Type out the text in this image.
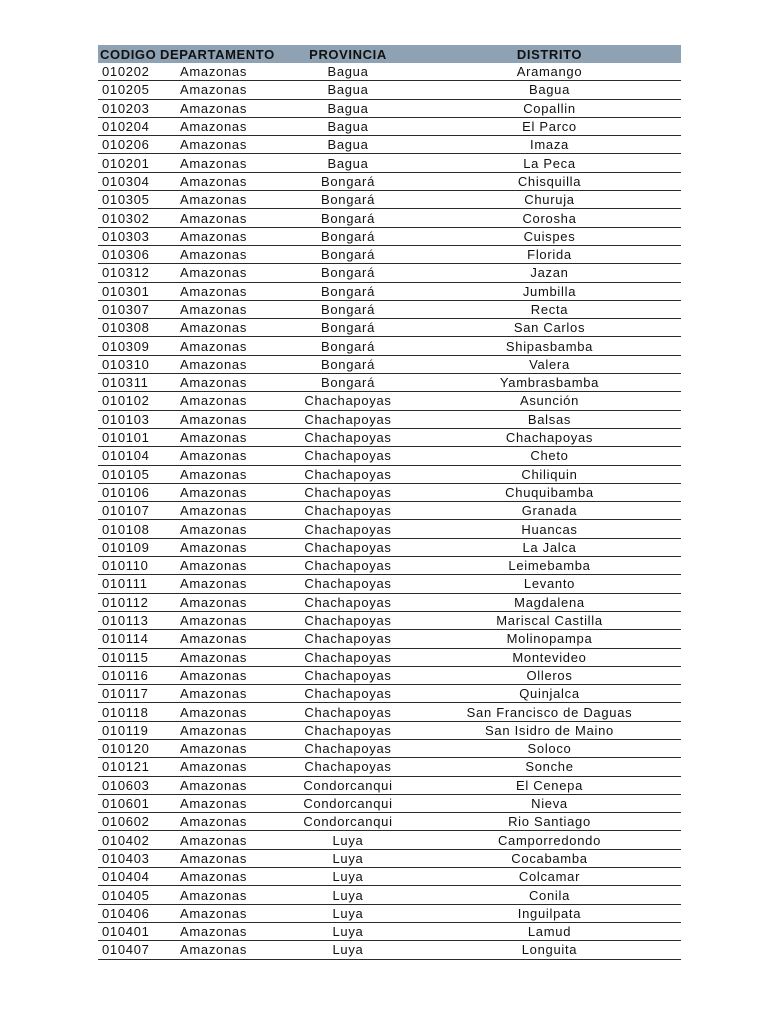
CODIGO	DEPARTAMENTO	PROVINCIA	DISTRITO
010202	Amazonas	Bagua	Aramango
010205	Amazonas	Bagua	Bagua
010203	Amazonas	Bagua	Copallin
010204	Amazonas	Bagua	El Parco
010206	Amazonas	Bagua	Imaza
010201	Amazonas	Bagua	La Peca
010304	Amazonas	Bongará	Chisquilla
010305	Amazonas	Bongará	Churuja
010302	Amazonas	Bongará	Corosha
010303	Amazonas	Bongará	Cuispes
010306	Amazonas	Bongará	Florida
010312	Amazonas	Bongará	Jazan
010301	Amazonas	Bongará	Jumbilla
010307	Amazonas	Bongará	Recta
010308	Amazonas	Bongará	San Carlos
010309	Amazonas	Bongará	Shipasbamba
010310	Amazonas	Bongará	Valera
010311	Amazonas	Bongará	Yambrasbamba
010102	Amazonas	Chachapoyas	Asunción
010103	Amazonas	Chachapoyas	Balsas
010101	Amazonas	Chachapoyas	Chachapoyas
010104	Amazonas	Chachapoyas	Cheto
010105	Amazonas	Chachapoyas	Chiliquin
010106	Amazonas	Chachapoyas	Chuquibamba
010107	Amazonas	Chachapoyas	Granada
010108	Amazonas	Chachapoyas	Huancas
010109	Amazonas	Chachapoyas	La Jalca
010110	Amazonas	Chachapoyas	Leimebamba
010111	Amazonas	Chachapoyas	Levanto
010112	Amazonas	Chachapoyas	Magdalena
010113	Amazonas	Chachapoyas	Mariscal Castilla
010114	Amazonas	Chachapoyas	Molinopampa
010115	Amazonas	Chachapoyas	Montevideo
010116	Amazonas	Chachapoyas	Olleros
010117	Amazonas	Chachapoyas	Quinjalca
010118	Amazonas	Chachapoyas	San Francisco de Daguas
010119	Amazonas	Chachapoyas	San Isidro de Maino
010120	Amazonas	Chachapoyas	Soloco
010121	Amazonas	Chachapoyas	Sonche
010603	Amazonas	Condorcanqui	El Cenepa
010601	Amazonas	Condorcanqui	Nieva
010602	Amazonas	Condorcanqui	Rio Santiago
010402	Amazonas	Luya	Camporredondo
010403	Amazonas	Luya	Cocabamba
010404	Amazonas	Luya	Colcamar
010405	Amazonas	Luya	Conila
010406	Amazonas	Luya	Inguilpata
010401	Amazonas	Luya	Lamud
010407	Amazonas	Luya	Longuita
